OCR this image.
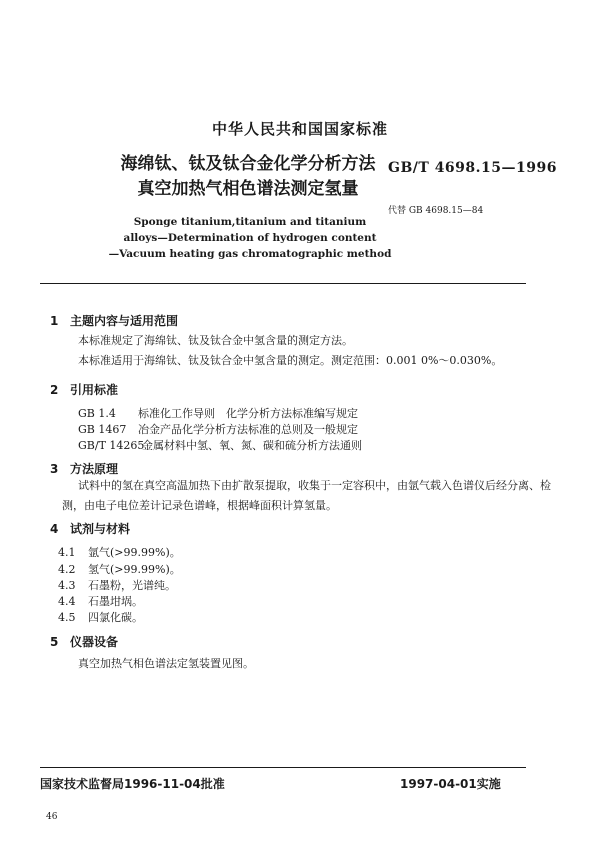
中华人民共和国国家标准
海绵钛、钛及钛合金化学分析方法
真空加热气相色谱法测定氢量
GB/T 4698.15—1996
代替 GB 4698.15—84
Sponge titanium,titanium and titanium
alloys—Determination of hydrogen content
—Vacuum heating gas chromatographic method
1 主题内容与适用范围
本标准规定了海绵钛、钛及钛合金中氢含量的测定方法。
本标准适用于海绵钛、钛及钛合金中氢含量的测定。测定范围：0.001 0%～0.030%。
2 引用标准
GB 1.4 标准化工作导则　化学分析方法标准编写规定
GB 1467 冶金产品化学分析方法标准的总则及一般规定
GB/T 14265金属材料中氢、氧、氮、碳和硫分析方法通则
3 方法原理
试料中的氢在真空高温加热下由扩散泵提取，收集于一定容积中，由氩气载入色谱仪后经分离、检
测，由电子电位差计记录色谱峰，根据峰面积计算氢量。
4 试剂与材料
4.1 氩气(>99.99%)。
4.2 氢气(>99.99%)。
4.3 石墨粉，光谱纯。
4.4 石墨坩埚。
4.5 四氯化碳。
5 仪器设备
真空加热气相色谱法定氢装置见图。
国家技术监督局1996-11-04批准	1997-04-01实施
46
